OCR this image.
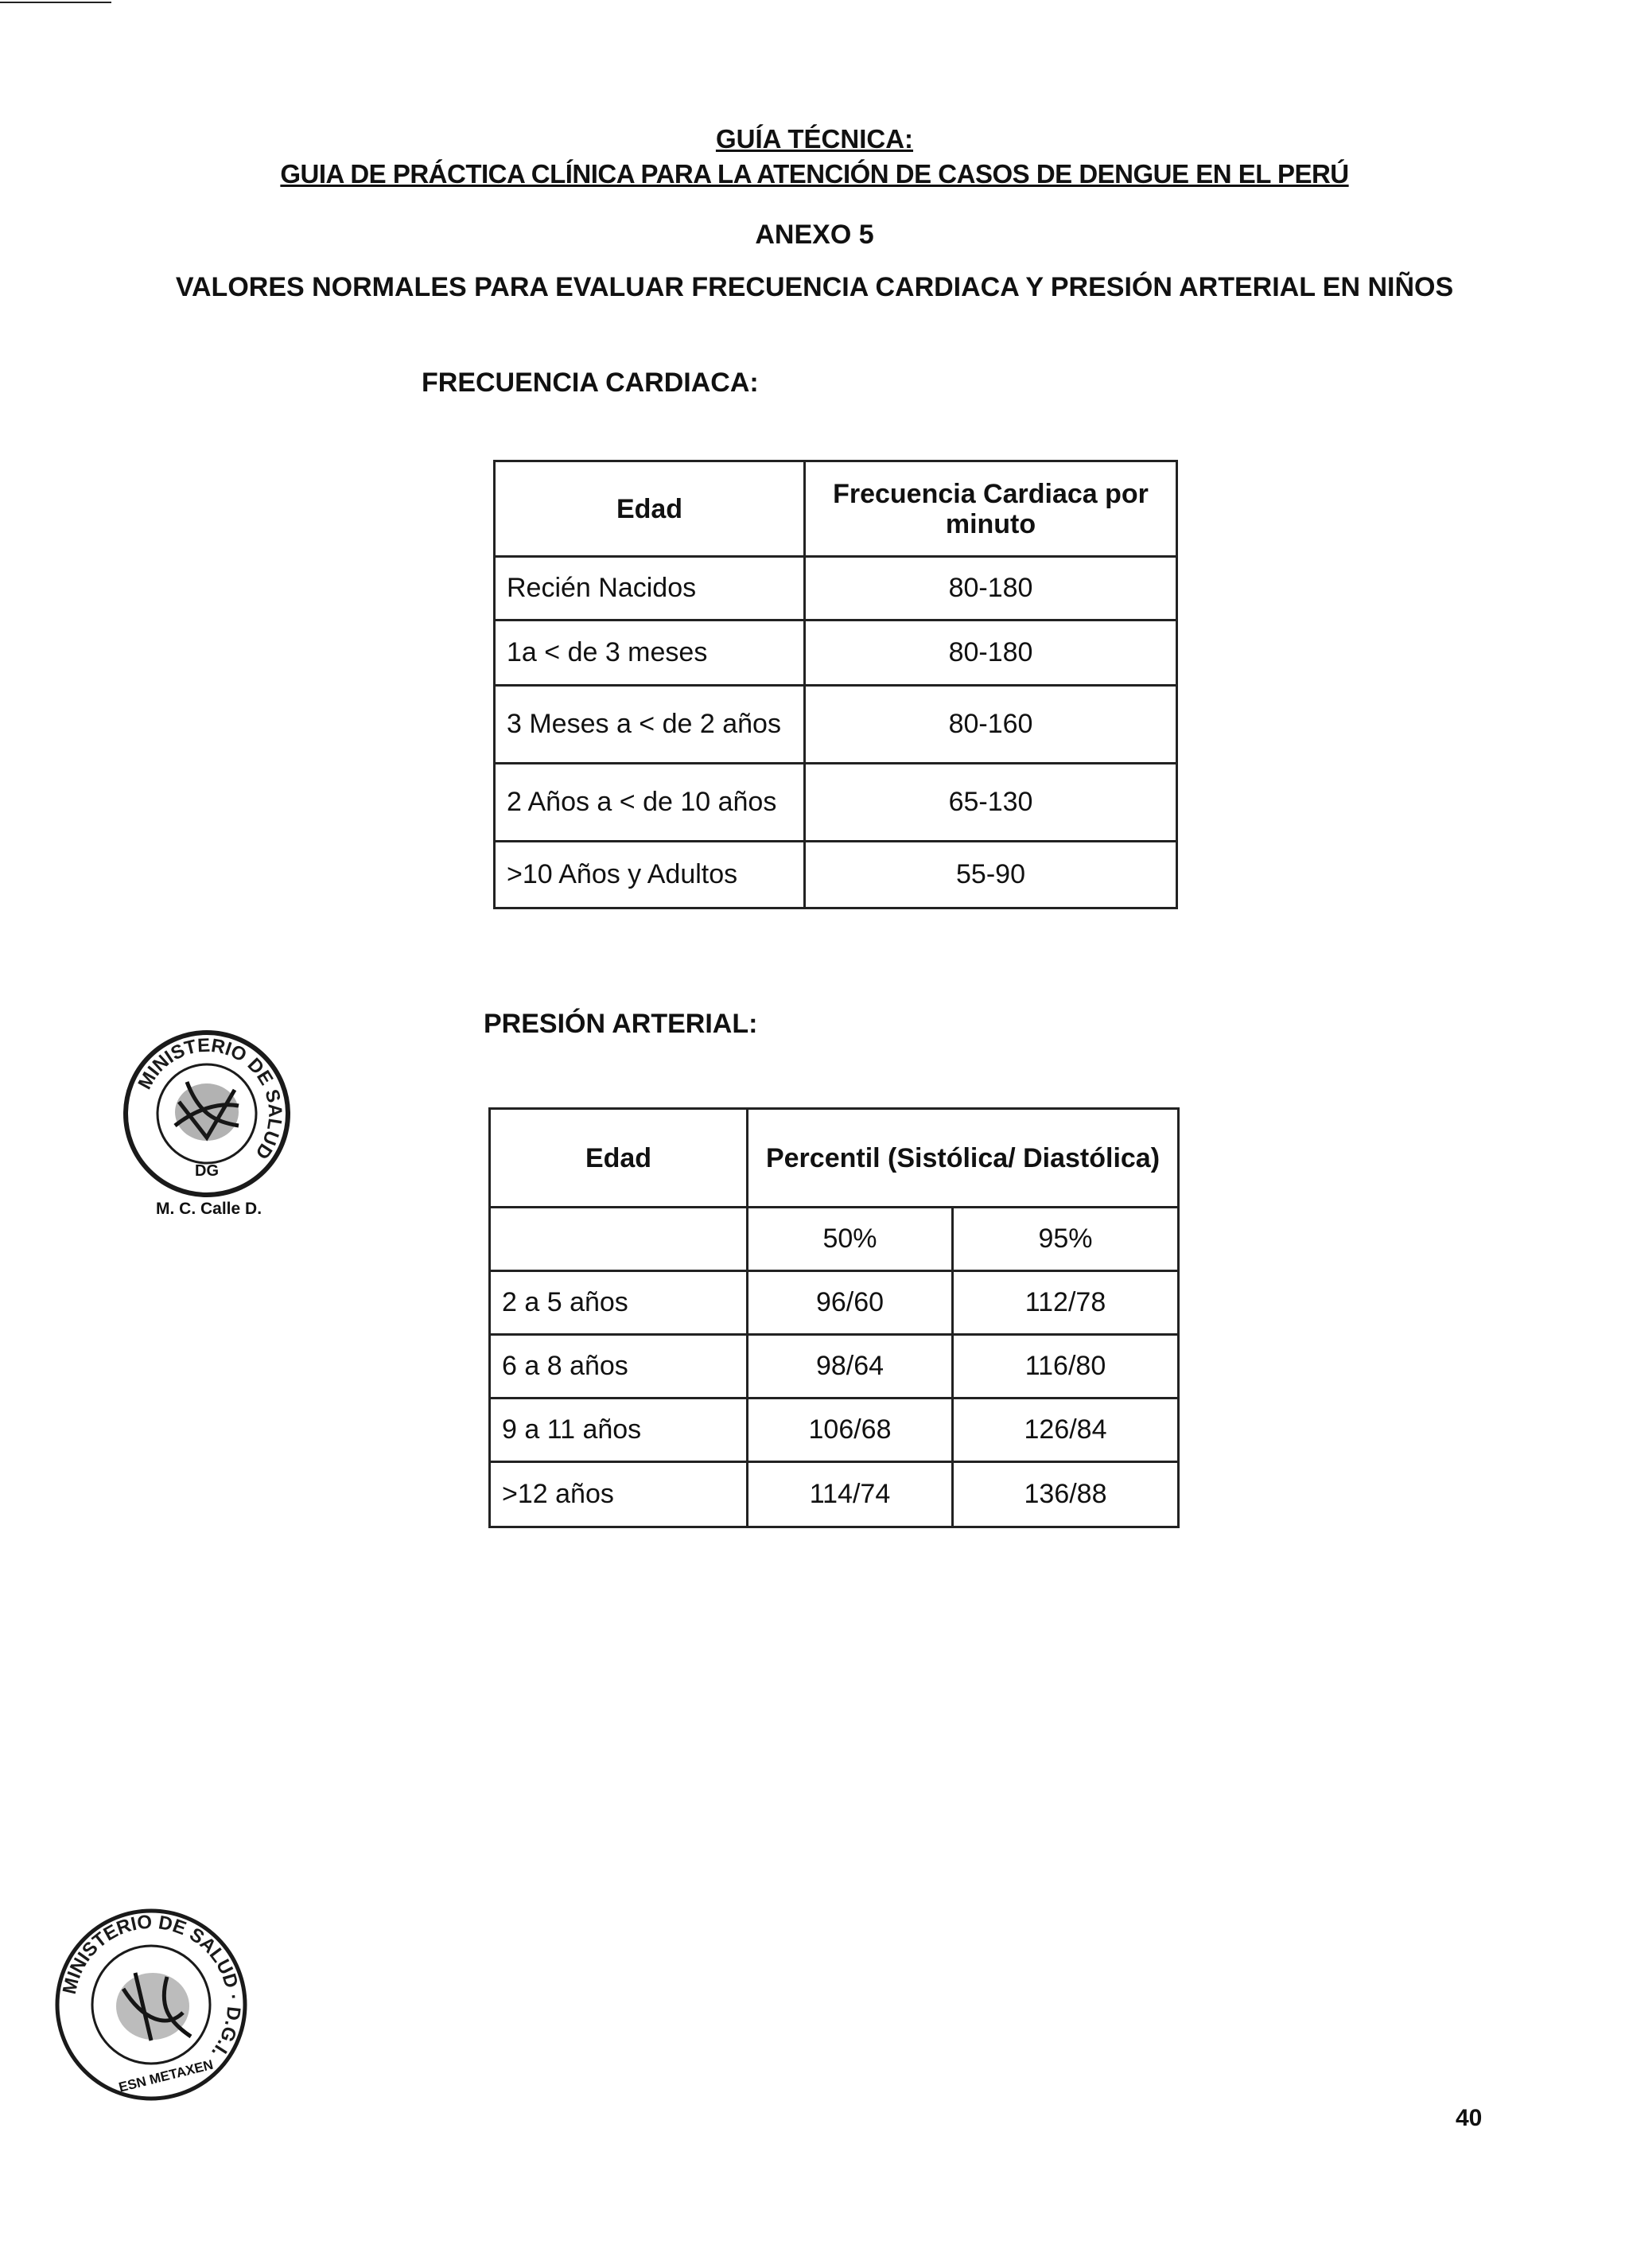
GUÍA TÉCNICA:
GUIA DE PRÁCTICA CLÍNICA PARA LA ATENCIÓN DE CASOS DE DENGUE EN EL PERÚ
ANEXO 5
VALORES NORMALES PARA EVALUAR FRECUENCIA CARDIACA Y PRESIÓN ARTERIAL EN NIÑOS
FRECUENCIA CARDIACA:
Edad	Frecuencia Cardiaca por minuto
Recién Nacidos	80-180
1a < de 3 meses	80-180
3 Meses a < de 2 años	80-160
2 Años a < de 10 años	65-130
>10 Años y Adultos	55-90
PRESIÓN ARTERIAL:
Edad	Percentil (Sistólica/ Diastólica)	
	50%	95%
2 a 5 años	96/60	112/78
6 a 8 años	98/64	116/80
9 a 11 años	106/68	126/84
>12 años	114/74	136/88
MINISTERIO DE SALUD
DG
M. C. Calle D.
MINISTERIO DE SALUD · D.G.I.
ESN METAXEN
40
